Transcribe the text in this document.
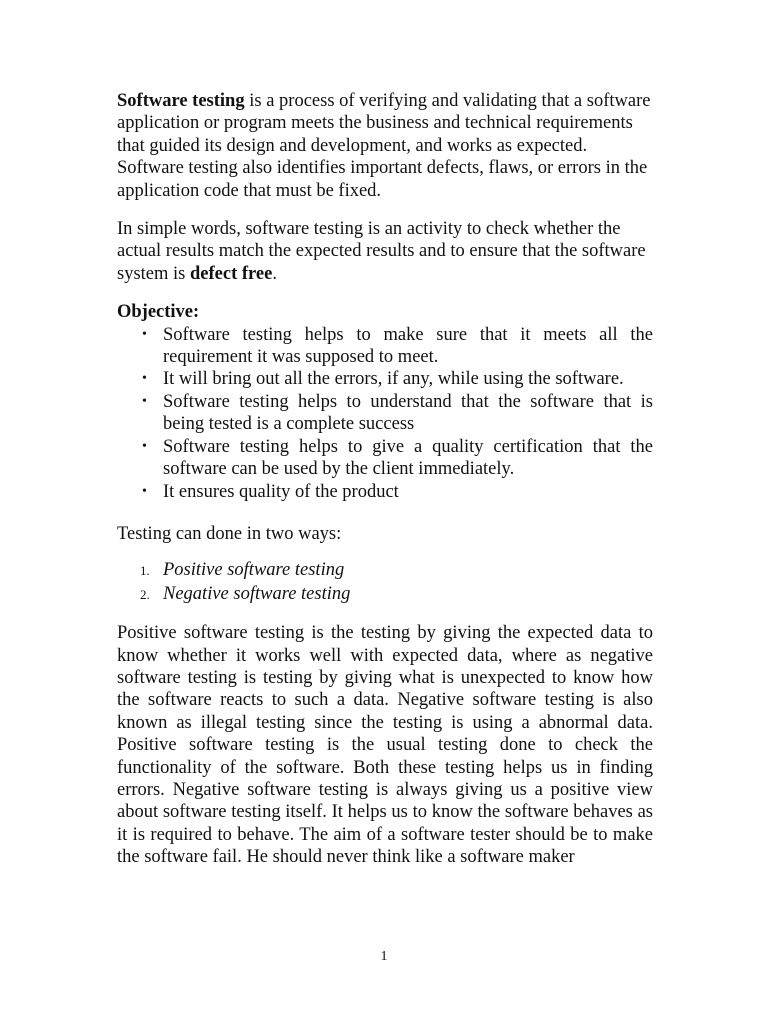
Software testing is a process of verifying and validating that a software application or program meets the business and technical requirements that guided its design and development, and works as expected. Software testing also identifies important defects, flaws, or errors in the application code that must be fixed.

In simple words, software testing is an activity to check whether the actual results match the expected results and to ensure that the software system is defect free.

Objective:

• Software testing helps to make sure that it meets all the requirement it was supposed to meet.
• It will bring out all the errors, if any, while using the software.
• Software testing helps to understand that the software that is being tested is a complete success
• Software testing helps to give a quality certification that the software can be used by the client immediately.
• It ensures quality of the product

Testing can done in two ways:

1. Positive software testing
2. Negative software testing

Positive software testing is the testing by giving the expected data to know whether it works well with expected data, where as negative software testing is testing by giving what is unexpected to know how the software reacts to such a data. Negative software testing is also known as illegal testing since the testing is using a abnormal data. Positive software testing is the usual testing done to check the functionality of the software. Both these testing helps us in finding errors. Negative software testing is always giving us a positive view about software testing itself. It helps us to know the software behaves as it is required to behave. The aim of a software tester should be to make the software fail. He should never think like a software maker

1
